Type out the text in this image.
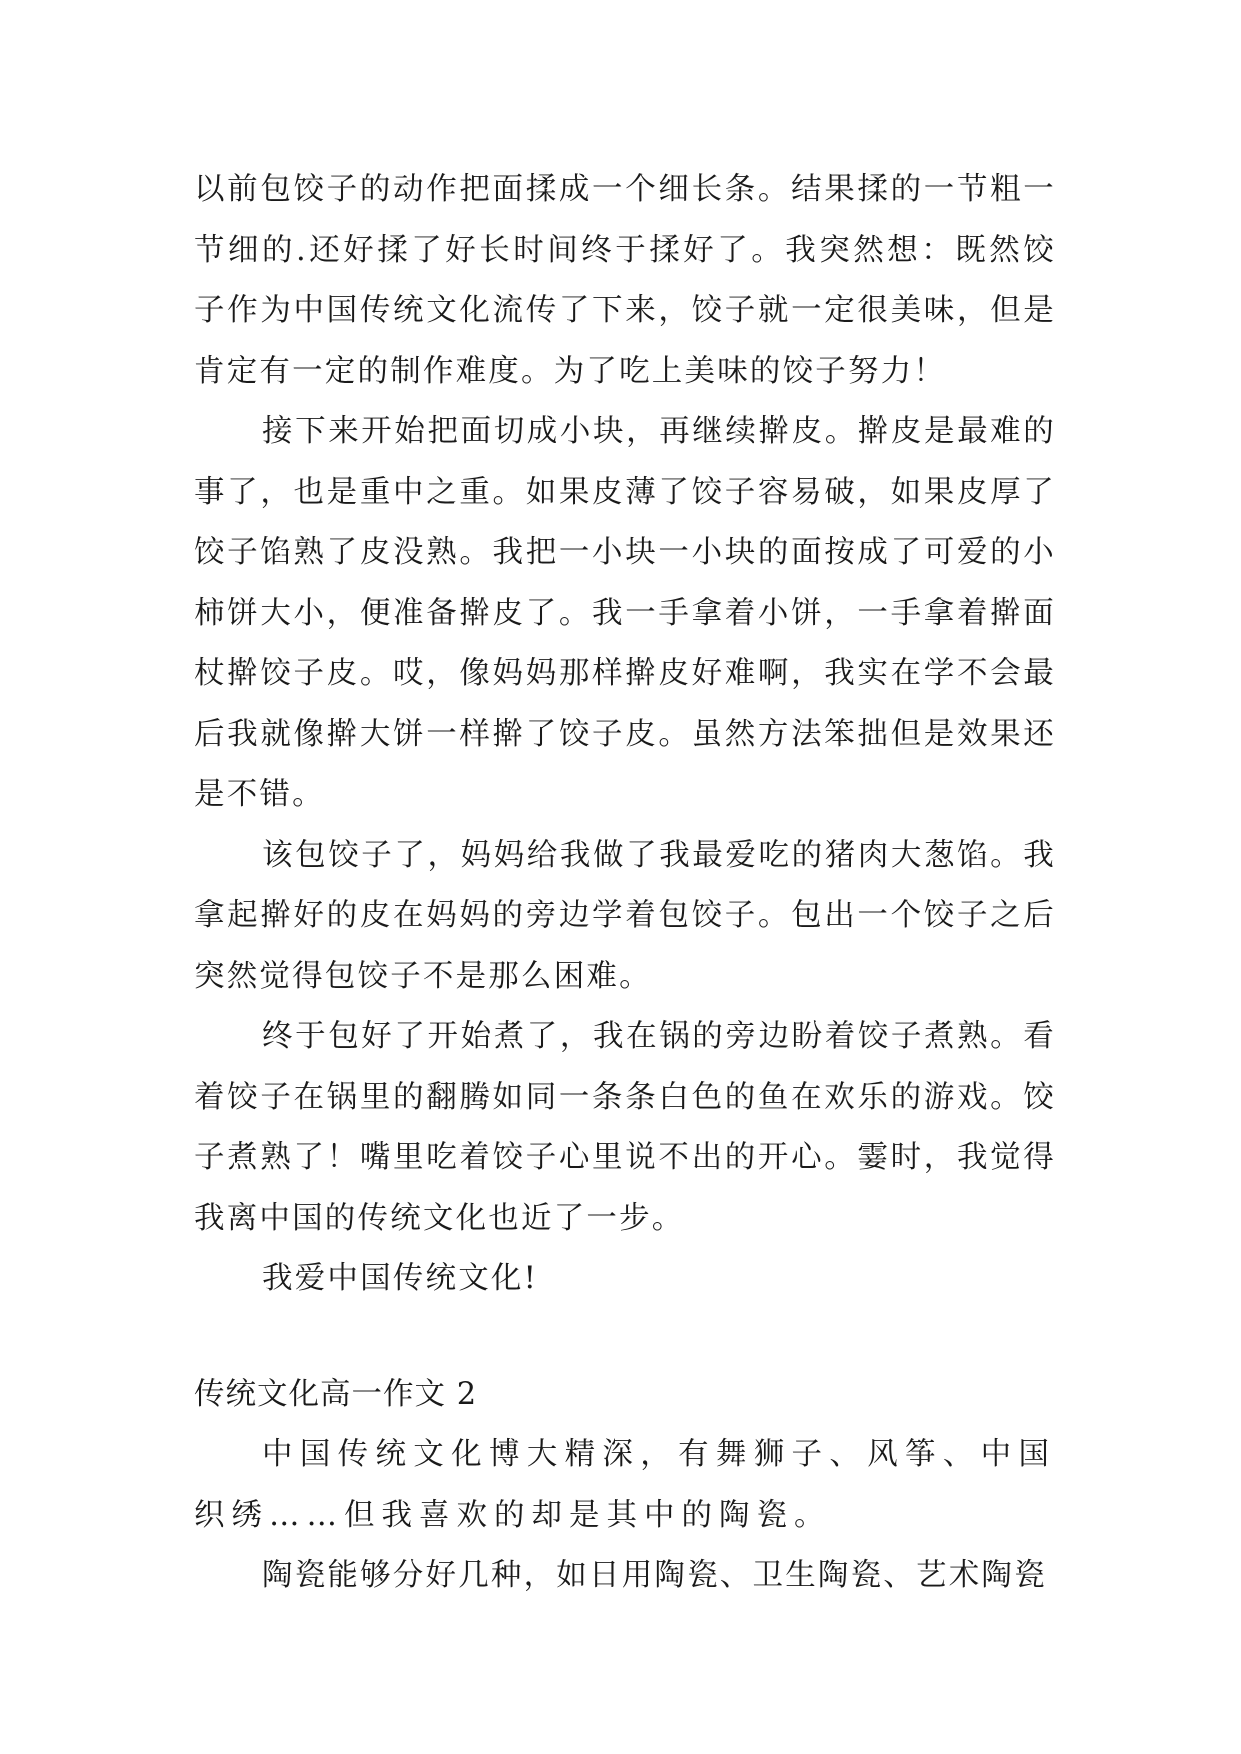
以前包饺子的动作把面揉成一个细长条。结果揉的一节粗一节细的.还好揉了好长时间终于揉好了。我突然想：既然饺子作为中国传统文化流传了下来，饺子就一定很美味，但是肯定有一定的制作难度。为了吃上美味的饺子努力！

接下来开始把面切成小块，再继续擀皮。擀皮是最难的事了，也是重中之重。如果皮薄了饺子容易破，如果皮厚了饺子馅熟了皮没熟。我把一小块一小块的面按成了可爱的小柿饼大小，便准备擀皮了。我一手拿着小饼，一手拿着擀面杖擀饺子皮。哎，像妈妈那样擀皮好难啊，我实在学不会最后我就像擀大饼一样擀了饺子皮。虽然方法笨拙但是效果还是不错。

该包饺子了，妈妈给我做了我最爱吃的猪肉大葱馅。我拿起擀好的皮在妈妈的旁边学着包饺子。包出一个饺子之后突然觉得包饺子不是那么困难。

终于包好了开始煮了，我在锅的旁边盼着饺子煮熟。看着饺子在锅里的翻腾如同一条条白色的鱼在欢乐的游戏。饺子煮熟了！嘴里吃着饺子心里说不出的开心。霎时，我觉得我离中国的传统文化也近了一步。

我爱中国传统文化!

传统文化高一作文 2

中国传统文化博大精深，有舞狮子、风筝、中国织绣……但我喜欢的却是其中的陶瓷。

陶瓷能够分好几种，如日用陶瓷、卫生陶瓷、艺术陶瓷
